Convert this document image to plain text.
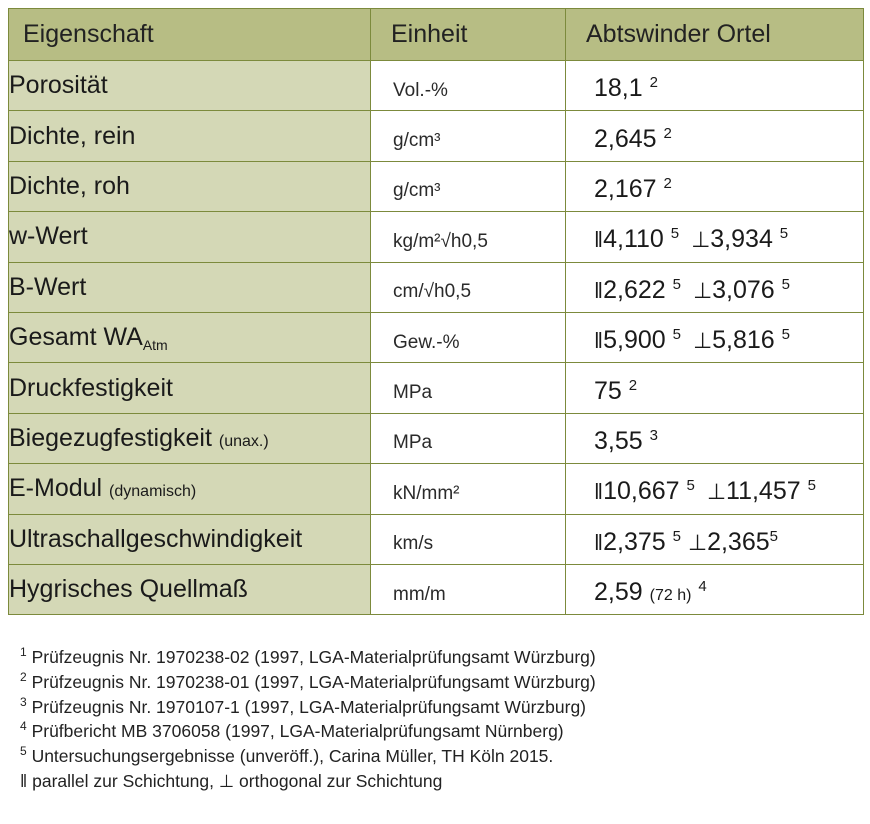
Eigenschaft	Einheit	Abtswinder Ortel

Porosität	Vol.-%	18,1 $^2$

Dichte, rein	g/cm³	2,645 $^2$

Dichte, roh	g/cm³	2,167 $^2$

w-Wert	kg/m²√h0,5	‖4,110 $^5$ ⊥3,934 $^5$

B-Wert	cm/√h0,5	‖2,622 $^5$ ⊥3,076 $^5$

Gesamt $WA_{Atm}$	Gew.-%	‖5,900 $^5$ ⊥5,816 $^5$

Druckfestigkeit	MPa	75 $^2$

Biegezugfestigkeit (unax.)	MPa	3,55 $^3$

E-Modul (dynamisch)	kN/mm²	‖10,667 $^5$ ⊥11,457 $^5$

Ultraschallgeschwindigkeit	km/s	‖2,375 $^5$ ⊥2,365$^5$

Hygrisches Quellmaß	mm/m	2,59 (72 h) $^4$
$^1$ Prüfzeugnis Nr. 1970238-02 (1997, LGA-Materialprüfungsamt Würzburg)
$^2$ Prüfzeugnis Nr. 1970238-01 (1997, LGA-Materialprüfungsamt Würzburg)
$^3$ Prüfzeugnis Nr. 1970107-1 (1997, LGA-Materialprüfungsamt Würzburg)
$^4$ Prüfbericht MB 3706058 (1997, LGA-Materialprüfungsamt Nürnberg)
$^5$ Untersuchungsergebnisse (unveröff.), Carina Müller, TH Köln 2015.
‖ parallel zur Schichtung, ⊥ orthogonal zur Schichtung
